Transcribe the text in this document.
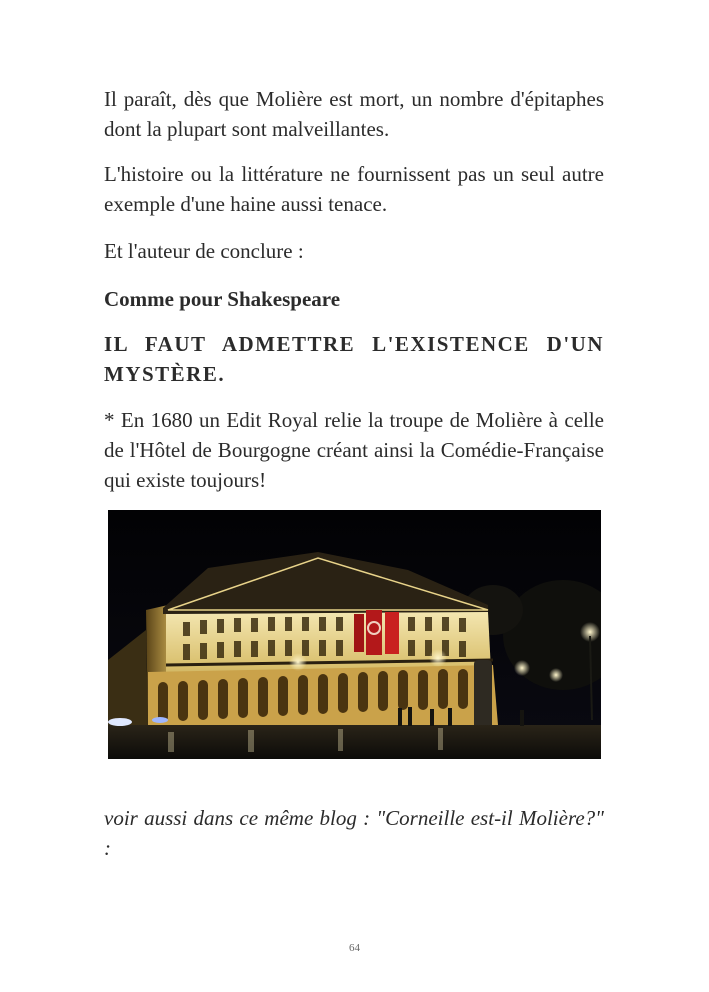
Il paraît, dès que Molière est mort, un nombre d'épitaphes dont la plupart sont malveillantes.

L'histoire ou la littérature ne fournissent pas un seul autre exemple d'une haine aussi tenace.

Et l'auteur de conclure :

Comme pour Shakespeare

IL FAUT ADMETTRE L'EXISTENCE D'UN MYSTÈRE.

* En 1680 un Edit Royal relie la troupe de Molière à celle de l'Hôtel de Bourgogne créant ainsi la Comédie-Française qui existe toujours!

voir aussi dans ce même blog : "Corneille est-il Molière?" :

64
